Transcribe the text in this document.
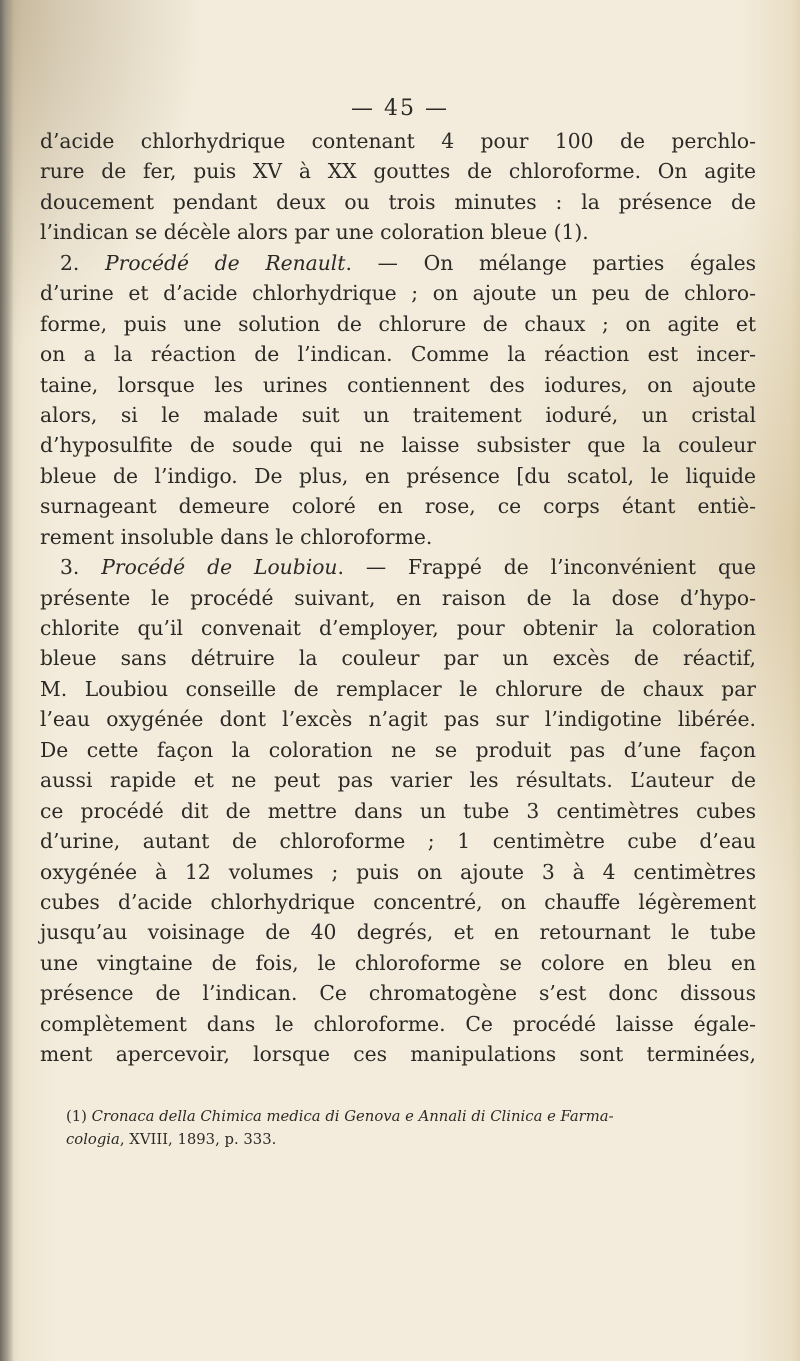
— 45 —
d’acide chlorhydrique contenant 4 pour 100 de perchlo-
rure de fer, puis XV à XX gouttes de chloroforme. On agite
doucement pendant deux ou trois minutes : la présence de
l’indican se décèle alors par une coloration bleue (1).
2. Procédé de Renault. — On mélange parties égales
d’urine et d’acide chlorhydrique ; on ajoute un peu de chloro-
forme, puis une solution de chlorure de chaux ; on agite et
on a la réaction de l’indican. Comme la réaction est incer-
taine, lorsque les urines contiennent des iodures, on ajoute
alors, si le malade suit un traitement ioduré, un cristal
d’hyposulfite de soude qui ne laisse subsister que la couleur
bleue de l’indigo. De plus, en présence [du scatol, le liquide
surnageant demeure coloré en rose, ce corps étant entiè-
rement insoluble dans le chloroforme.
3. Procédé de Loubiou. — Frappé de l’inconvénient que
présente le procédé suivant, en raison de la dose d’hypo-
chlorite qu’il convenait d’employer, pour obtenir la coloration
bleue sans détruire la couleur par un excès de réactif,
M. Loubiou conseille de remplacer le chlorure de chaux par
l’eau oxygénée dont l’excès n’agit pas sur l’indigotine libérée.
De cette façon la coloration ne se produit pas d’une façon
aussi rapide et ne peut pas varier les résultats. L’auteur de
ce procédé dit de mettre dans un tube 3 centimètres cubes
d’urine, autant de chloroforme ; 1 centimètre cube d’eau
oxygénée à 12 volumes ; puis on ajoute 3 à 4 centimètres
cubes d’acide chlorhydrique concentré, on chauffe légèrement
jusqu’au voisinage de 40 degrés, et en retournant le tube
une vingtaine de fois, le chloroforme se colore en bleu en
présence de l’indican. Ce chromatogène s’est donc dissous
complètement dans le chloroforme. Ce procédé laisse égale-
ment apercevoir, lorsque ces manipulations sont terminées,
(1) Cronaca della Chimica medica di Genova e Annali di Clinica e Farma-
cologia, XVIII, 1893, p. 333.
